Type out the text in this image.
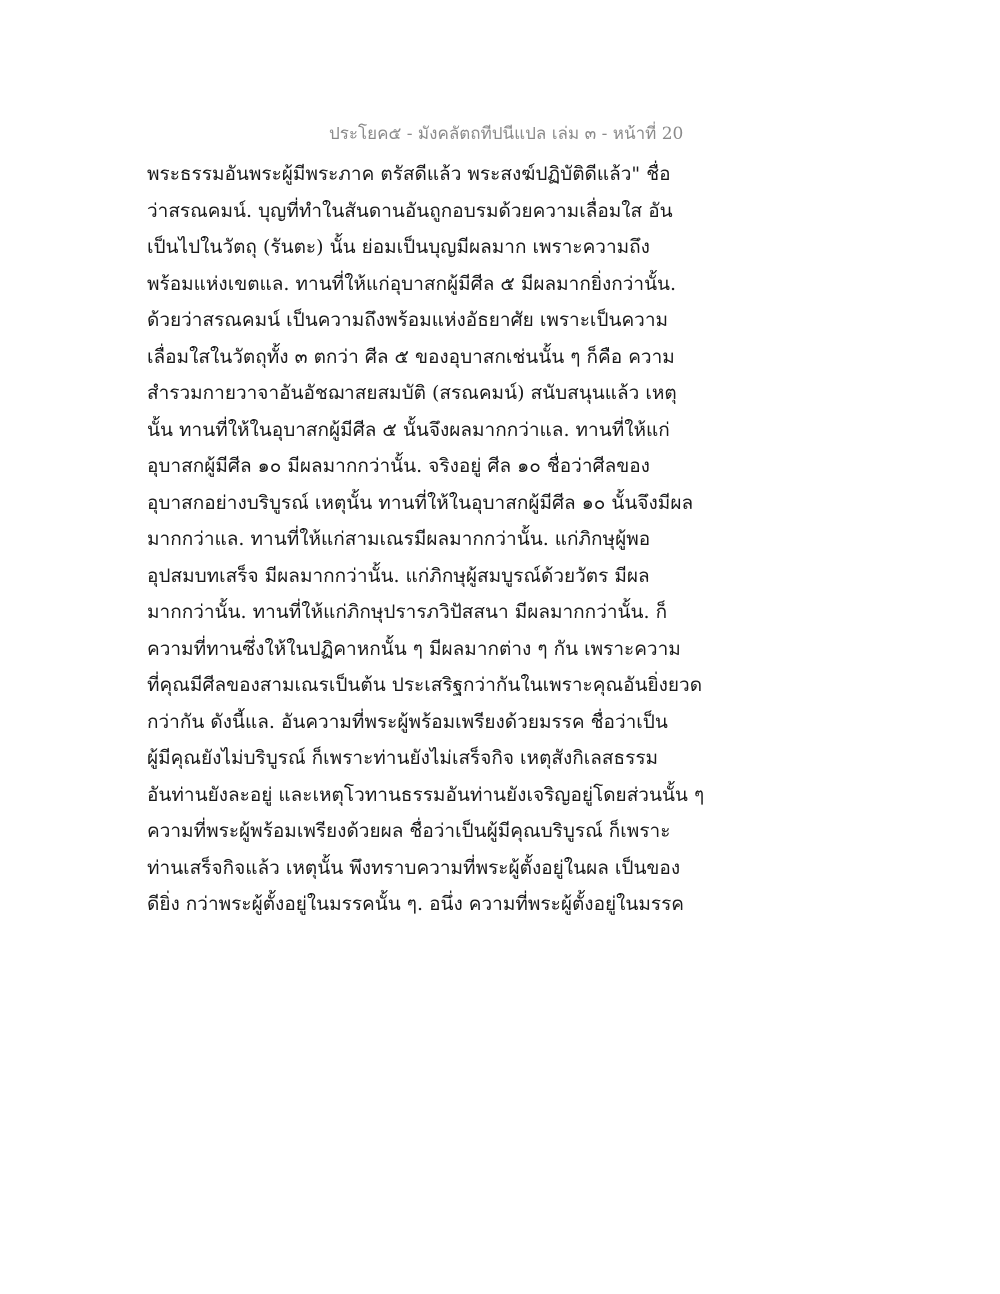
ประโยค๕ - มังคลัตถทีปนีแปล เล่ม ๓ - หน้าที่ 20
พระธรรมอันพระผู้มีพระภาค ตรัสดีแล้ว พระสงฆ์ปฏิบัติดีแล้ว" ชื่อ
ว่าสรณคมน์. บุญที่ทำในสันดานอันถูกอบรมด้วยความเลื่อมใส อัน
เป็นไปในวัตถุ (รันตะ) นั้น ย่อมเป็นบุญมีผลมาก เพราะความถึง
พร้อมแห่งเขตแล. ทานที่ให้แก่อุบาสกผู้มีศีล ๕ มีผลมากยิ่งกว่านั้น.
ด้วยว่าสรณคมน์ เป็นความถึงพร้อมแห่งอัธยาศัย เพราะเป็นความ
เลื่อมใสในวัตถุทั้ง ๓ ตกว่า ศีล ๕ ของอุบาสกเช่นนั้น ๆ ก็คือ ความ
สำรวมกายวาจาอันอัชฌาสยสมบัติ (สรณคมน์) สนับสนุนแล้ว เหตุ
นั้น ทานที่ให้ในอุบาสกผู้มีศีล ๕ นั้นจึงผลมากกว่าแล. ทานที่ให้แก่
อุบาสกผู้มีศีล ๑๐ มีผลมากกว่านั้น. จริงอยู่ ศีล ๑๐ ชื่อว่าศีลของ
อุบาสกอย่างบริบูรณ์ เหตุนั้น ทานที่ให้ในอุบาสกผู้มีศีล ๑๐ นั้นจึงมีผล
มากกว่าแล. ทานที่ให้แก่สามเณรมีผลมากกว่านั้น. แก่ภิกษุผู้พอ
อุปสมบทเสร็จ มีผลมากกว่านั้น. แก่ภิกษุผู้สมบูรณ์ด้วยวัตร มีผล
มากกว่านั้น. ทานที่ให้แก่ภิกษุปรารภวิปัสสนา มีผลมากกว่านั้น. ก็
ความที่ทานซึ่งให้ในปฏิคาหกนั้น ๆ มีผลมากต่าง ๆ กัน เพราะความ
ที่คุณมีศีลของสามเณรเป็นต้น ประเสริฐกว่ากันในเพราะคุณอันยิ่งยวด
กว่ากัน ดังนี้แล. อันความที่พระผู้พร้อมเพรียงด้วยมรรค ชื่อว่าเป็น
ผู้มีคุณยังไม่บริบูรณ์ ก็เพราะท่านยังไม่เสร็จกิจ เหตุสังกิเลสธรรม
อันท่านยังละอยู่ และเหตุโวทานธรรมอันท่านยังเจริญอยู่โดยส่วนนั้น ๆ
ความที่พระผู้พร้อมเพรียงด้วยผล ชื่อว่าเป็นผู้มีคุณบริบูรณ์ ก็เพราะ
ท่านเสร็จกิจแล้ว เหตุนั้น พึงทราบความที่พระผู้ตั้งอยู่ในผล เป็นของ
ดียิ่ง กว่าพระผู้ตั้งอยู่ในมรรคนั้น ๆ. อนึ่ง ความที่พระผู้ตั้งอยู่ในมรรค
